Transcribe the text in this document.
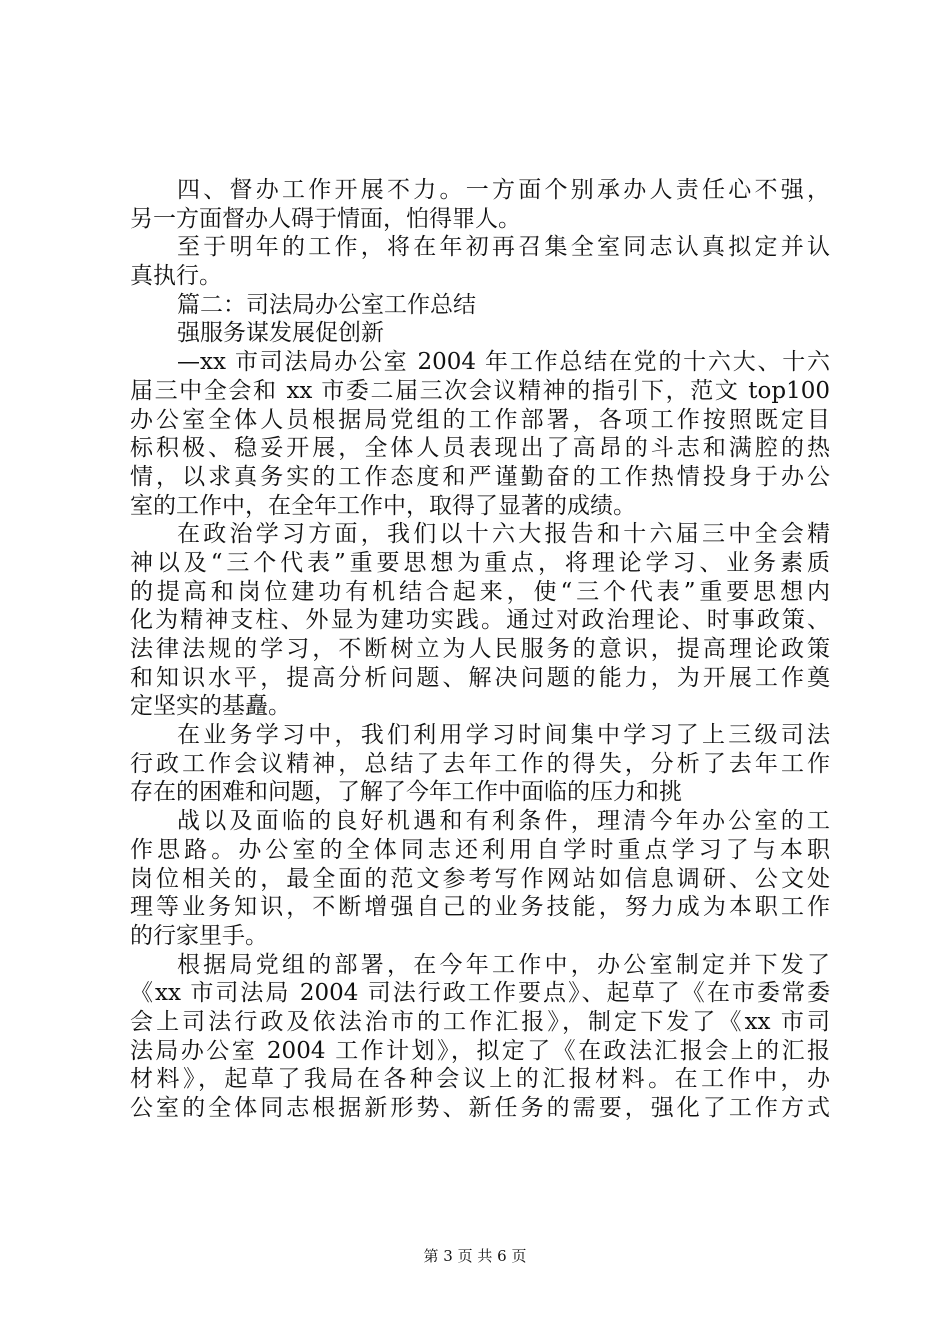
四、督办工作开展不力。一方面个别承办人责任心不强，
另一方面督办人碍于情面，怕得罪人。
至于明年的工作，将在年初再召集全室同志认真拟定并认
真执行。
篇二：司法局办公室工作总结
强服务谋发展促创新
—xx 市司法局办公室 2004 年工作总结在党的十六大、十六
届三中全会和 xx 市委二届三次会议精神的指引下，范文 top100
办公室全体人员根据局党组的工作部署，各项工作按照既定目
标积极、稳妥开展，全体人员表现出了高昂的斗志和满腔的热
情，以求真务实的工作态度和严谨勤奋的工作热情投身于办公
室的工作中，在全年工作中，取得了显著的成绩。
在政治学习方面，我们以十六大报告和十六届三中全会精
神以及“三个代表”重要思想为重点，将理论学习、业务素质
的提高和岗位建功有机结合起来，使“三个代表”重要思想内
化为精神支柱、外显为建功实践。通过对政治理论、时事政策、
法律法规的学习，不断树立为人民服务的意识，提高理论政策
和知识水平，提高分析问题、解决问题的能力，为开展工作奠
定坚实的基矗。
在业务学习中，我们利用学习时间集中学习了上三级司法
行政工作会议精神，总结了去年工作的得失，分析了去年工作
存在的困难和问题，了解了今年工作中面临的压力和挑
战以及面临的良好机遇和有利条件，理清今年办公室的工
作思路。办公室的全体同志还利用自学时重点学习了与本职
岗位相关的，最全面的范文参考写作网站如信息调研、公文处
理等业务知识，不断增强自己的业务技能，努力成为本职工作
的行家里手。
根据局党组的部署，在今年工作中，办公室制定并下发了
《xx 市司法局 2004 司法行政工作要点》、起草了《在市委常委
会上司法行政及依法治市的工作汇报》，制定下发了《xx 市司
法局办公室 2004 工作计划》，拟定了《在政法汇报会上的汇报
材料》，起草了我局在各种会议上的汇报材料。在工作中，办
公室的全体同志根据新形势、新任务的需要，强化了工作方式
第 3 页 共 6 页
